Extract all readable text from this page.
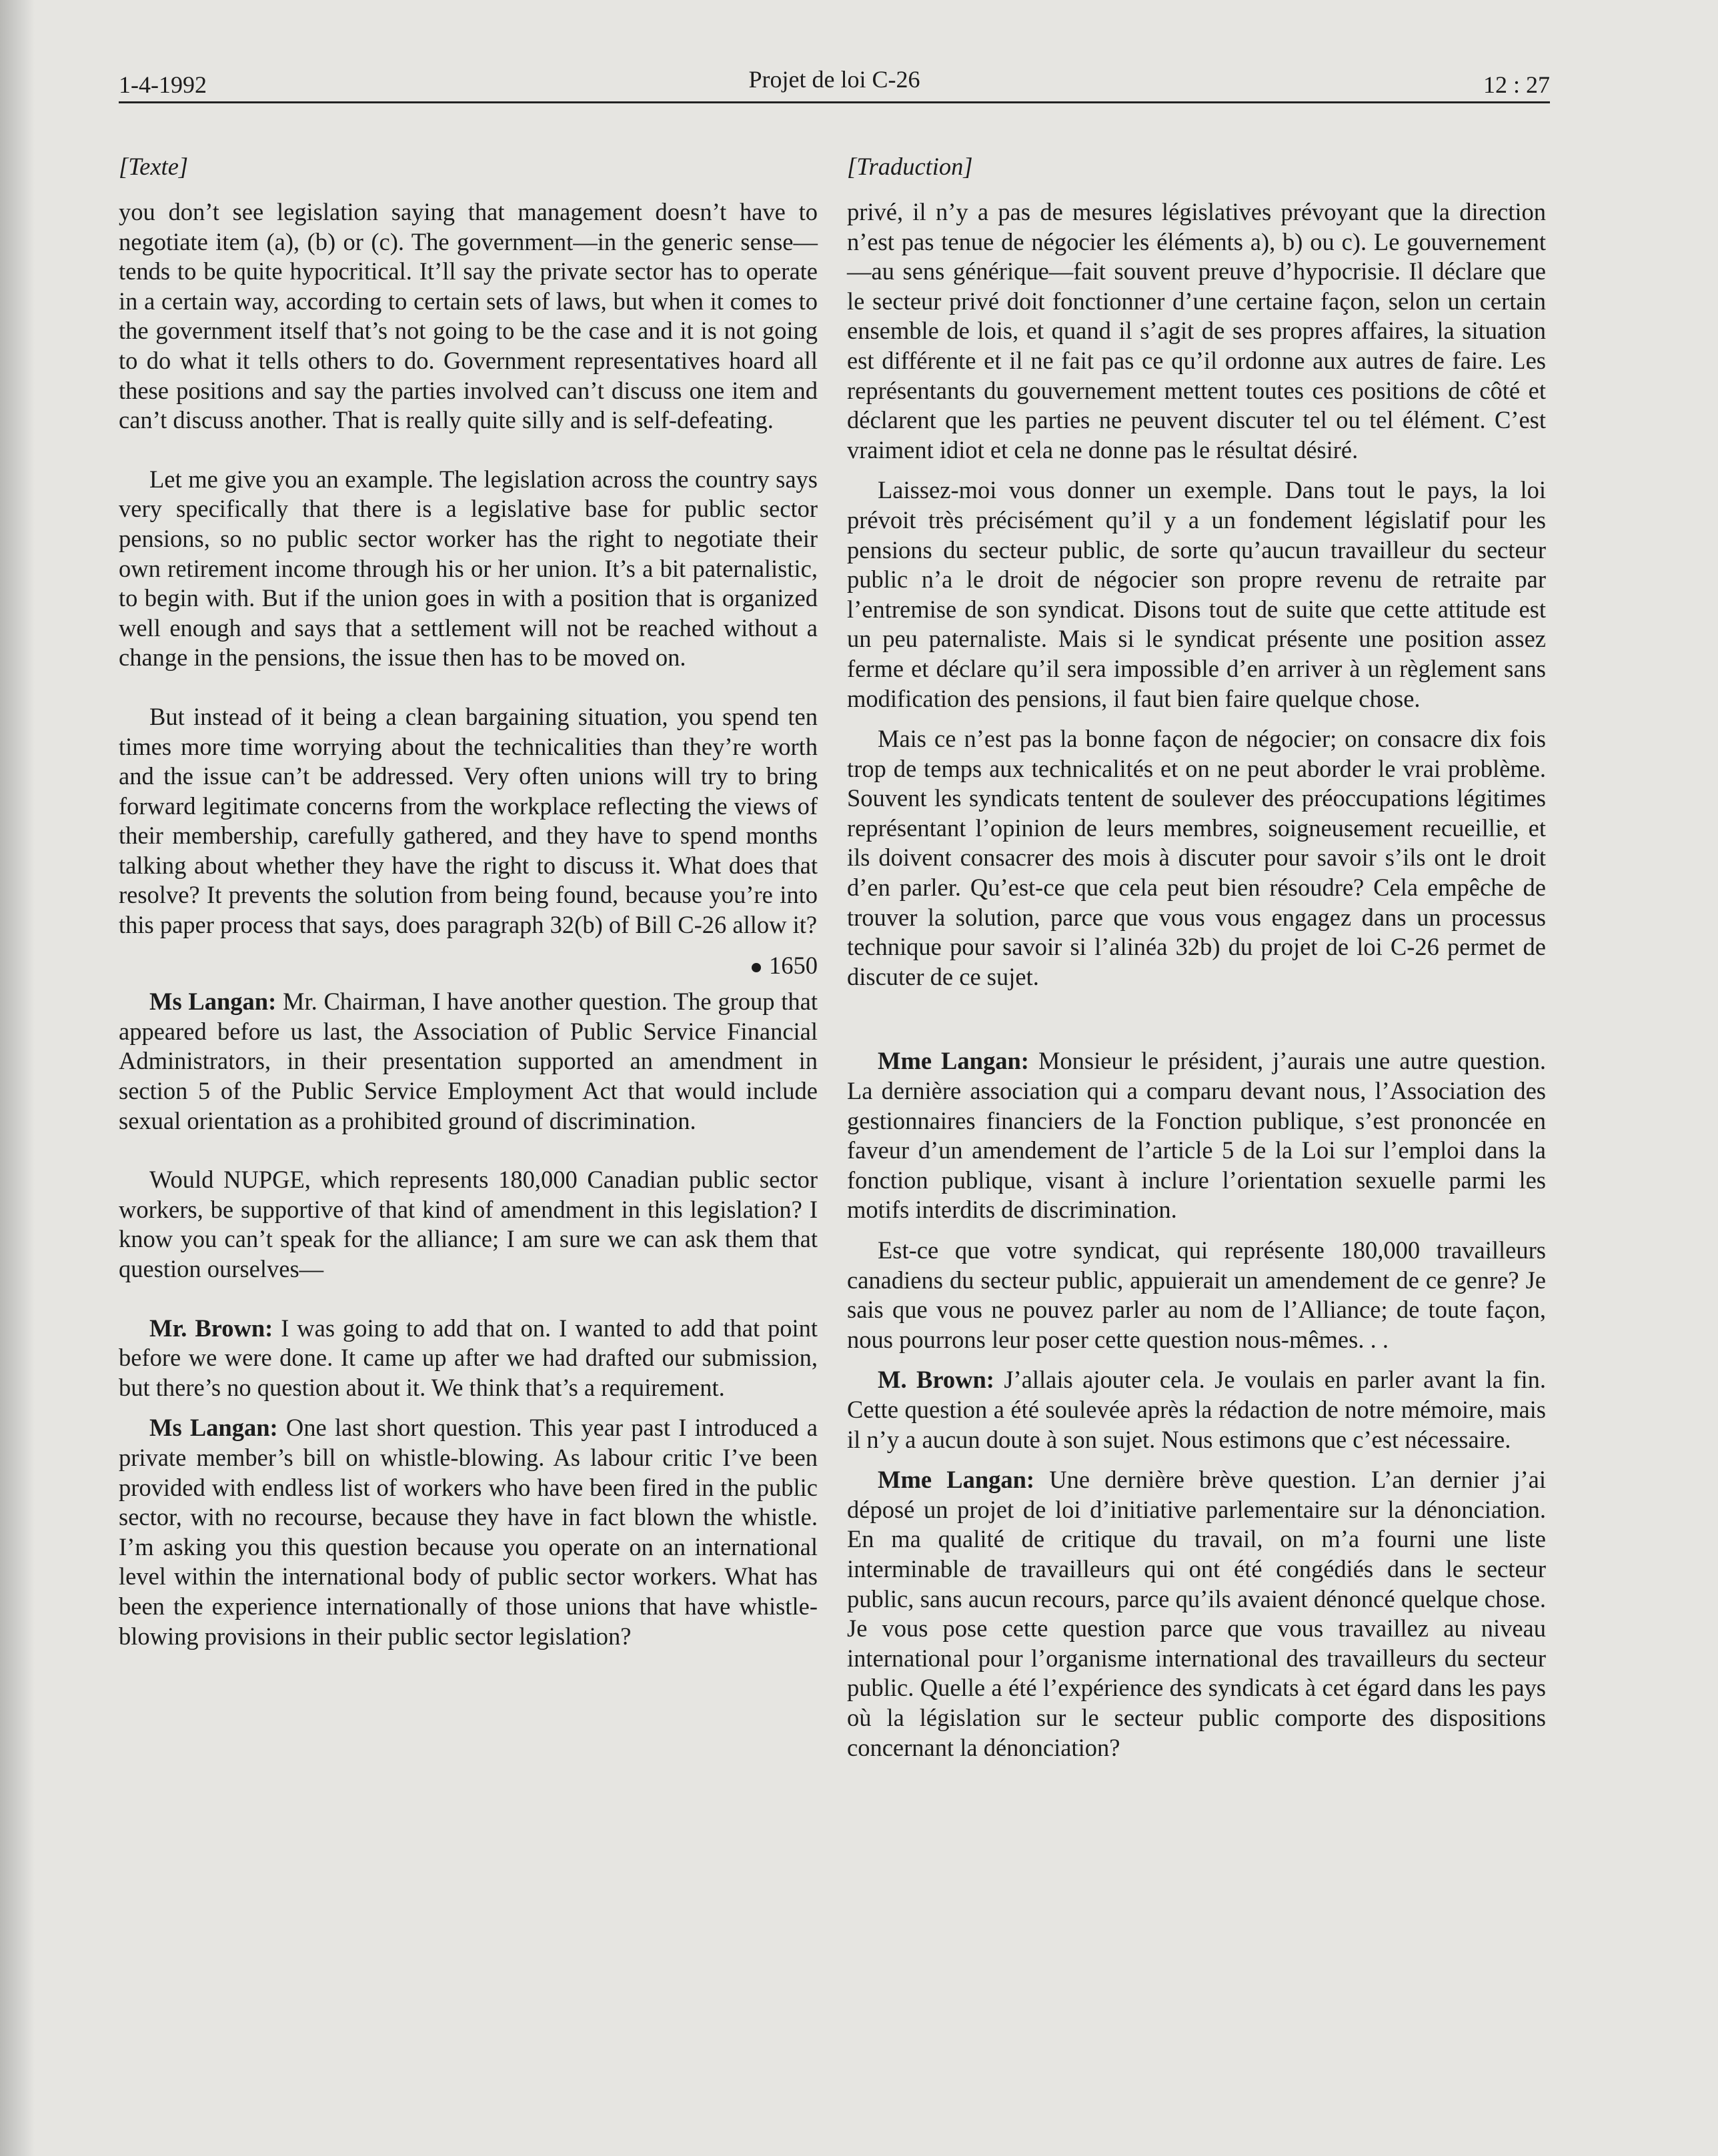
1-4-1992	Projet de loi C-26	12 : 27
[Texte]

you don’t see legislation saying that management doesn’t have to negotiate item (a), (b) or (c). The government—in the generic sense—tends to be quite hypocritical. It’ll say the private sector has to operate in a certain way, according to certain sets of laws, but when it comes to the government itself that’s not going to be the case and it is not going to do what it tells others to do. Government representatives hoard all these positions and say the parties involved can’t discuss one item and can’t discuss another. That is really quite silly and is self-defeating.

Let me give you an example. The legislation across the country says very specifically that there is a legislative base for public sector pensions, so no public sector worker has the right to negotiate their own retirement income through his or her union. It’s a bit paternalistic, to begin with. But if the union goes in with a position that is organized well enough and says that a settlement will not be reached without a change in the pensions, the issue then has to be moved on.

But instead of it being a clean bargaining situation, you spend ten times more time worrying about the technicalities than they’re worth and the issue can’t be addressed. Very often unions will try to bring forward legitimate concerns from the workplace reflecting the views of their membership, carefully gathered, and they have to spend months talking about whether they have the right to discuss it. What does that resolve? It prevents the solution from being found, because you’re into this paper process that says, does paragraph 32(b) of Bill C-26 allow it?

1650

Ms Langan: Mr. Chairman, I have another question. The group that appeared before us last, the Association of Public Service Financial Administrators, in their presentation supported an amendment in section 5 of the Public Service Employment Act that would include sexual orientation as a prohibited ground of discrimination.

Would NUPGE, which represents 180,000 Canadian public sector workers, be supportive of that kind of amendment in this legislation? I know you can’t speak for the alliance; I am sure we can ask them that question ourselves—

Mr. Brown: I was going to add that on. I wanted to add that point before we were done. It came up after we had drafted our submission, but there’s no question about it. We think that’s a requirement.

Ms Langan: One last short question. This year past I introduced a private member’s bill on whistle-blowing. As labour critic I’ve been provided with endless list of workers who have been fired in the public sector, with no recourse, because they have in fact blown the whistle. I’m asking you this question because you operate on an international level within the international body of public sector workers. What has been the experience internationally of those unions that have whistle-blowing provisions in their public sector legislation?

[Traduction]

privé, il n’y a pas de mesures législatives prévoyant que la direction n’est pas tenue de négocier les éléments a), b) ou c). Le gouvernement—au sens générique—fait souvent preuve d’hypocrisie. Il déclare que le secteur privé doit fonctionner d’une certaine façon, selon un certain ensemble de lois, et quand il s’agit de ses propres affaires, la situation est différente et il ne fait pas ce qu’il ordonne aux autres de faire. Les représentants du gouvernement mettent toutes ces positions de côté et déclarent que les parties ne peuvent discuter tel ou tel élément. C’est vraiment idiot et cela ne donne pas le résultat désiré.

Laissez-moi vous donner un exemple. Dans tout le pays, la loi prévoit très précisément qu’il y a un fondement législatif pour les pensions du secteur public, de sorte qu’aucun travailleur du secteur public n’a le droit de négocier son propre revenu de retraite par l’entremise de son syndicat. Disons tout de suite que cette attitude est un peu paternaliste. Mais si le syndicat présente une position assez ferme et déclare qu’il sera impossible d’en arriver à un règlement sans modification des pensions, il faut bien faire quelque chose.

Mais ce n’est pas la bonne façon de négocier; on consacre dix fois trop de temps aux technicalités et on ne peut aborder le vrai problème. Souvent les syndicats tentent de soulever des préoccupations légitimes représentant l’opinion de leurs membres, soigneusement recueillie, et ils doivent consacrer des mois à discuter pour savoir s’ils ont le droit d’en parler. Qu’est-ce que cela peut bien résoudre? Cela empêche de trouver la solution, parce que vous vous engagez dans un processus technique pour savoir si l’alinéa 32b) du projet de loi C-26 permet de discuter de ce sujet.

Mme Langan: Monsieur le président, j’aurais une autre question. La dernière association qui a comparu devant nous, l’Association des gestionnaires financiers de la Fonction publique, s’est prononcée en faveur d’un amendement de l’article 5 de la Loi sur l’emploi dans la fonction publique, visant à inclure l’orientation sexuelle parmi les motifs interdits de discrimination.

Est-ce que votre syndicat, qui représente 180,000 travailleurs canadiens du secteur public, appuierait un amendement de ce genre? Je sais que vous ne pouvez parler au nom de l’Alliance; de toute façon, nous pourrons leur poser cette question nous-mêmes. . .

M. Brown: J’allais ajouter cela. Je voulais en parler avant la fin. Cette question a été soulevée après la rédaction de notre mémoire, mais il n’y a aucun doute à son sujet. Nous estimons que c’est nécessaire.

Mme Langan: Une dernière brève question. L’an dernier j’ai déposé un projet de loi d’initiative parlementaire sur la dénonciation. En ma qualité de critique du travail, on m’a fourni une liste interminable de travailleurs qui ont été congédiés dans le secteur public, sans aucun recours, parce qu’ils avaient dénoncé quelque chose. Je vous pose cette question parce que vous travaillez au niveau international pour l’organisme international des travailleurs du secteur public. Quelle a été l’expérience des syndicats à cet égard dans les pays où la législation sur le secteur public comporte des dispositions concernant la dénonciation?
